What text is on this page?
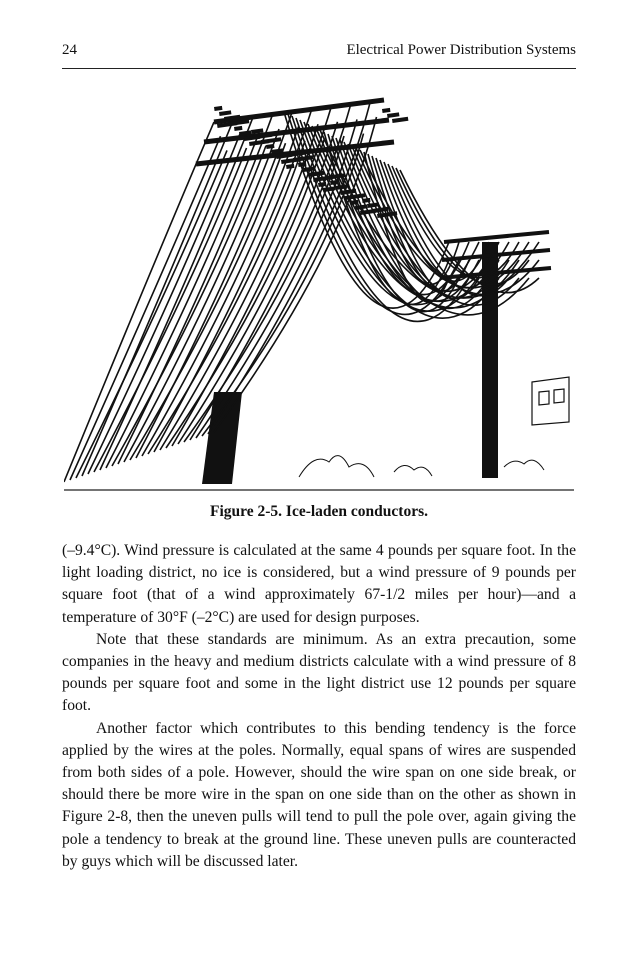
24	Electrical Power Distribution Systems
Figure 2-5. Ice-laden conductors.

(–9.4°C). Wind pressure is calculated at the same 4 pounds per square foot. In the light loading district, no ice is considered, but a wind pressure of 9 pounds per square foot (that of a wind approximately 67-1/2 miles per hour)—and a temperature of 30°F (–2°C) are used for design purposes.

Note that these standards are minimum. As an extra precaution, some companies in the heavy and medium districts calculate with a wind pressure of 8 pounds per square foot and some in the light district use 12 pounds per square foot.

Another factor which contributes to this bending tendency is the force applied by the wires at the poles. Normally, equal spans of wires are suspended from both sides of a pole. However, should the wire span on one side break, or should there be more wire in the span on one side than on the other as shown in Figure 2-8, then the uneven pulls will tend to pull the pole over, again giving the pole a tendency to break at the ground line. These uneven pulls are counteracted by guys which will be discussed later.
